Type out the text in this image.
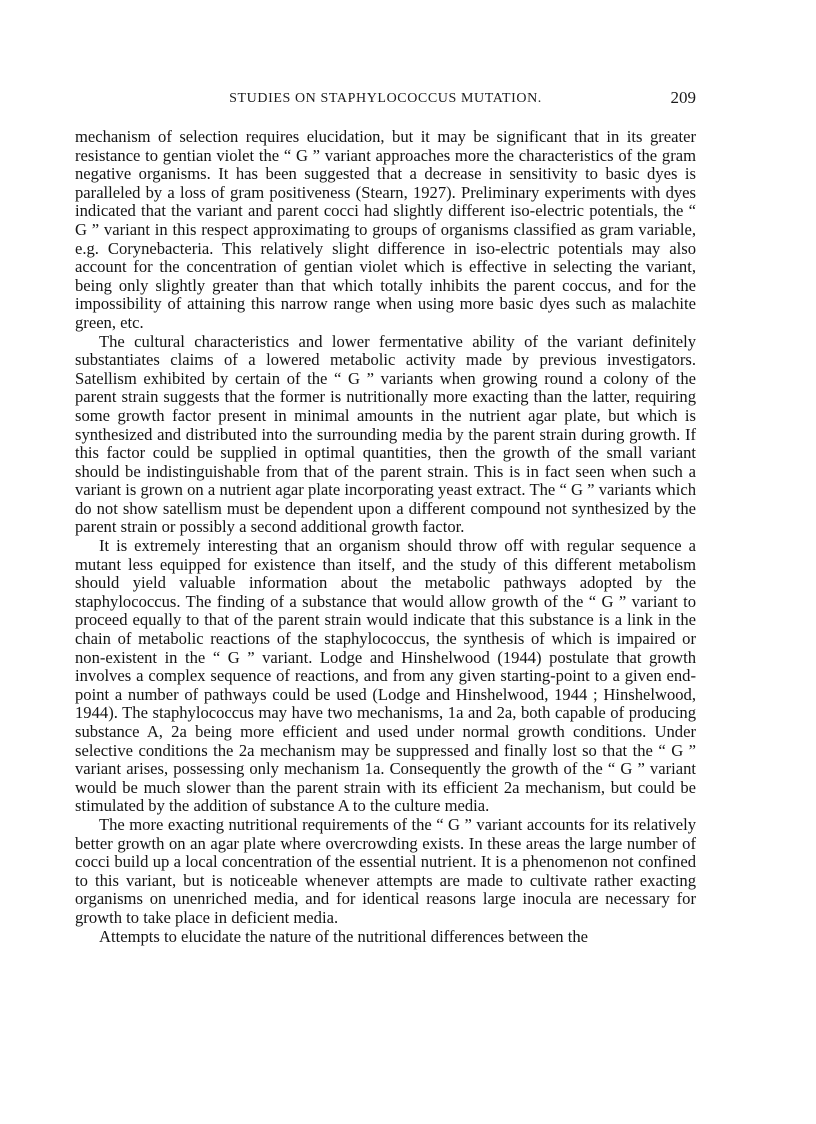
STUDIES ON STAPHYLOCOCCUS MUTATION.	209

mechanism of selection requires elucidation, but it may be significant that in its greater resistance to gentian violet the “ G ” variant approaches more the characteristics of the gram negative organisms. It has been suggested that a decrease in sensitivity to basic dyes is paralleled by a loss of gram positiveness (Stearn, 1927). Preliminary experiments with dyes indicated that the variant and parent cocci had slightly different iso-electric potentials, the “ G ” variant in this respect approximating to groups of organisms classified as gram variable, e.g. Corynebacteria. This relatively slight difference in iso-electric potentials may also account for the concentration of gentian violet which is effective in selecting the variant, being only slightly greater than that which totally inhibits the parent coccus, and for the impossibility of attaining this narrow range when using more basic dyes such as malachite green, etc.

The cultural characteristics and lower fermentative ability of the variant definitely substantiates claims of a lowered metabolic activity made by previous investigators. Satellism exhibited by certain of the “ G ” variants when growing round a colony of the parent strain suggests that the former is nutritionally more exacting than the latter, requiring some growth factor present in minimal amounts in the nutrient agar plate, but which is synthesized and distributed into the surrounding media by the parent strain during growth. If this factor could be supplied in optimal quantities, then the growth of the small variant should be indistinguishable from that of the parent strain. This is in fact seen when such a variant is grown on a nutrient agar plate incorporating yeast extract. The “ G ” variants which do not show satellism must be dependent upon a different compound not synthesized by the parent strain or possibly a second additional growth factor.

It is extremely interesting that an organism should throw off with regular sequence a mutant less equipped for existence than itself, and the study of this different metabolism should yield valuable information about the metabolic pathways adopted by the staphylococcus. The finding of a substance that would allow growth of the “ G ” variant to proceed equally to that of the parent strain would indicate that this substance is a link in the chain of metabolic reactions of the staphylococcus, the synthesis of which is impaired or non-existent in the “ G ” variant. Lodge and Hinshelwood (1944) postulate that growth involves a complex sequence of reactions, and from any given starting-point to a given end-point a number of pathways could be used (Lodge and Hinshelwood, 1944 ; Hinshelwood, 1944). The staphylococcus may have two mechanisms, 1a and 2a, both capable of producing substance A, 2a being more efficient and used under normal growth conditions. Under selective conditions the 2a mechanism may be suppressed and finally lost so that the “ G ” variant arises, possessing only mechanism 1a. Consequently the growth of the “ G ” variant would be much slower than the parent strain with its efficient 2a mechanism, but could be stimulated by the addition of substance A to the culture media.

The more exacting nutritional requirements of the “ G ” variant accounts for its relatively better growth on an agar plate where overcrowding exists. In these areas the large number of cocci build up a local concentration of the essential nutrient. It is a phenomenon not confined to this variant, but is noticeable whenever attempts are made to cultivate rather exacting organisms on unenriched media, and for identical reasons large inocula are necessary for growth to take place in deficient media.

Attempts to elucidate the nature of the nutritional differences between the
